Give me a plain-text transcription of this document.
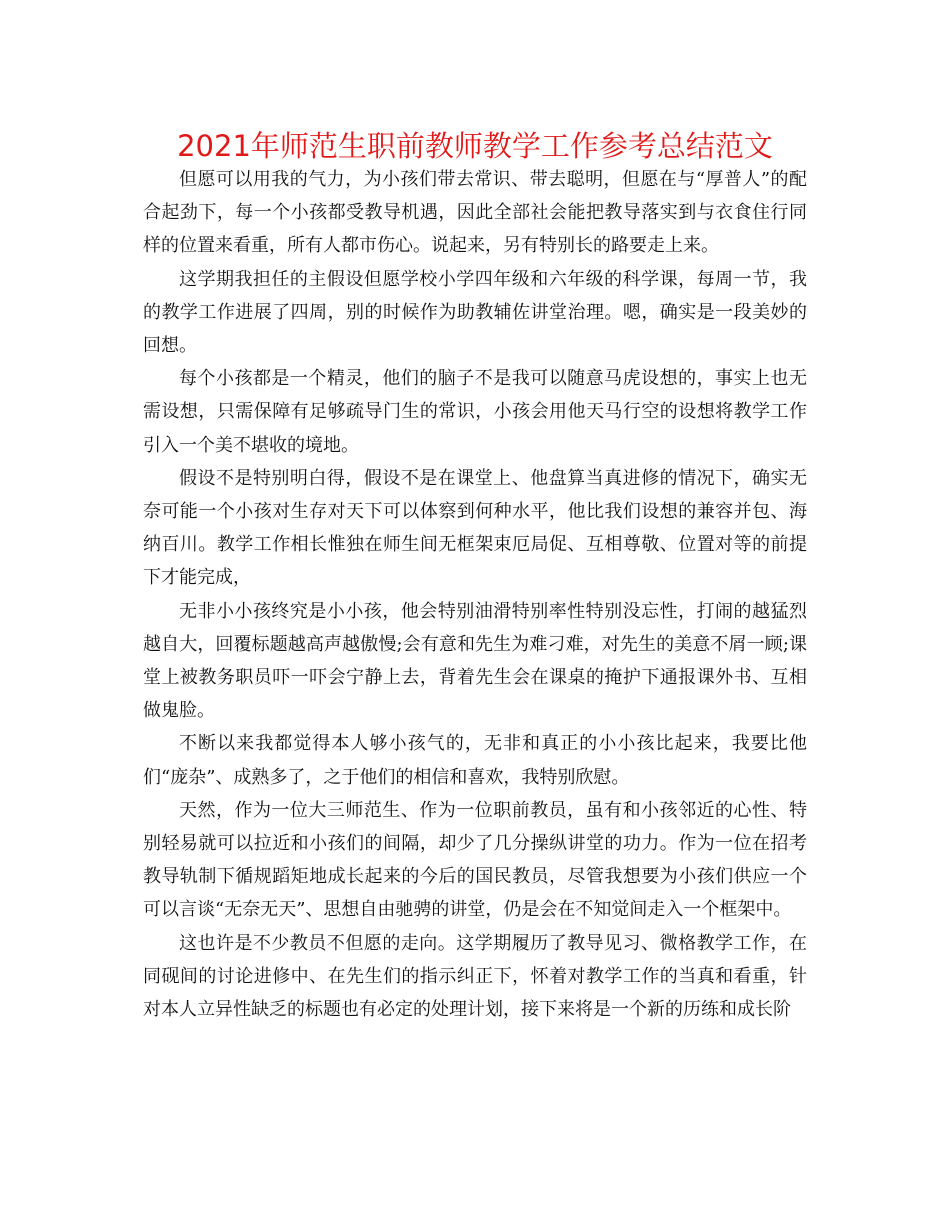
2021年师范生职前教师教学工作参考总结范文

但愿可以用我的气力，为小孩们带去常识、带去聪明，但愿在与“厚普人”的配合起劲下，每一个小孩都受教导机遇，因此全部社会能把教导落实到与衣食住行同样的位置来看重，所有人都市伤心。说起来，另有特别长的路要走上来。

这学期我担任的主假设但愿学校小学四年级和六年级的科学课，每周一节，我的教学工作进展了四周，别的时候作为助教辅佐讲堂治理。嗯，确实是一段美妙的回想。

每个小孩都是一个精灵，他们的脑子不是我可以随意马虎设想的，事实上也无需设想，只需保障有足够疏导门生的常识，小孩会用他天马行空的设想将教学工作引入一个美不堪收的境地。

假设不是特别明白得，假设不是在课堂上、他盘算当真进修的情况下，确实无奈可能一个小孩对生存对天下可以体察到何种水平，他比我们设想的兼容并包、海纳百川。教学工作相长惟独在师生间无框架束厄局促、互相尊敬、位置对等的前提下才能完成，

无非小小孩终究是小小孩，他会特别油滑特别率性特别没忘性，打闹的越猛烈越自大，回覆标题越高声越傲慢;会有意和先生为难刁难，对先生的美意不屑一顾;课堂上被教务职员吓一吓会宁静上去，背着先生会在课桌的掩护下通报课外书、互相做鬼脸。

不断以来我都觉得本人够小孩气的，无非和真正的小小孩比起来，我要比他们“庞杂”、成熟多了，之于他们的相信和喜欢，我特别欣慰。

天然，作为一位大三师范生、作为一位职前教员，虽有和小孩邻近的心性、特别轻易就可以拉近和小孩们的间隔，却少了几分操纵讲堂的功力。作为一位在招考教导轨制下循规蹈矩地成长起来的今后的国民教员，尽管我想要为小孩们供应一个可以言谈“无奈无天”、思想自由驰骋的讲堂，仍是会在不知觉间走入一个框架中。

这也许是不少教员不但愿的走向。这学期履历了教导见习、微格教学工作，在同砚间的讨论进修中、在先生们的指示纠正下，怀着对教学工作的当真和看重，针对本人立异性缺乏的标题也有必定的处理计划，接下来将是一个新的历练和成长阶
